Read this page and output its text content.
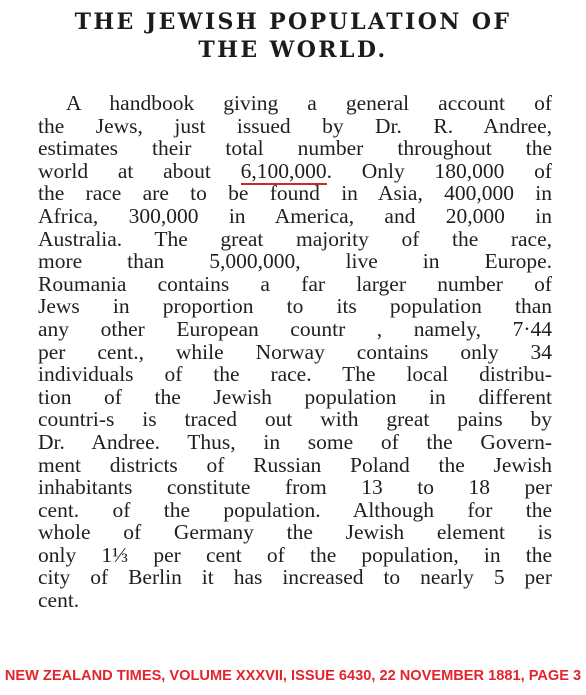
THE JEWISH POPULATION OF
THE WORLD.
A handbook giving a general account of
the Jews, just issued by Dr. R. Andree,
estimates their total number throughout the
world at about 6,100,000. Only 180,000 of
the race are to be found in Asia, 400,000 in
Africa, 300,000 in America, and 20,000 in
Australia. The great majority of the race,
more than 5,000,000, live in Europe.
Roumania contains a far larger number of
Jews in proportion to its population than
any other European countr , namely, 7·44
per cent., while Norway contains only 34
individuals of the race. The local distribu-
tion of the Jewish population in different
countri-s is traced out with great pains by
Dr. Andree. Thus, in some of the Govern-
ment districts of Russian Poland the Jewish
inhabitants constitute from 13 to 18 per
cent. of the population. Although for the
whole of Germany the Jewish element is
only 1⅓ per cent of the population, in the
city of Berlin it has increased to nearly 5 per
cent.
NEW ZEALAND TIMES, VOLUME XXXVII, ISSUE 6430, 22 NOVEMBER 1881, PAGE 3
